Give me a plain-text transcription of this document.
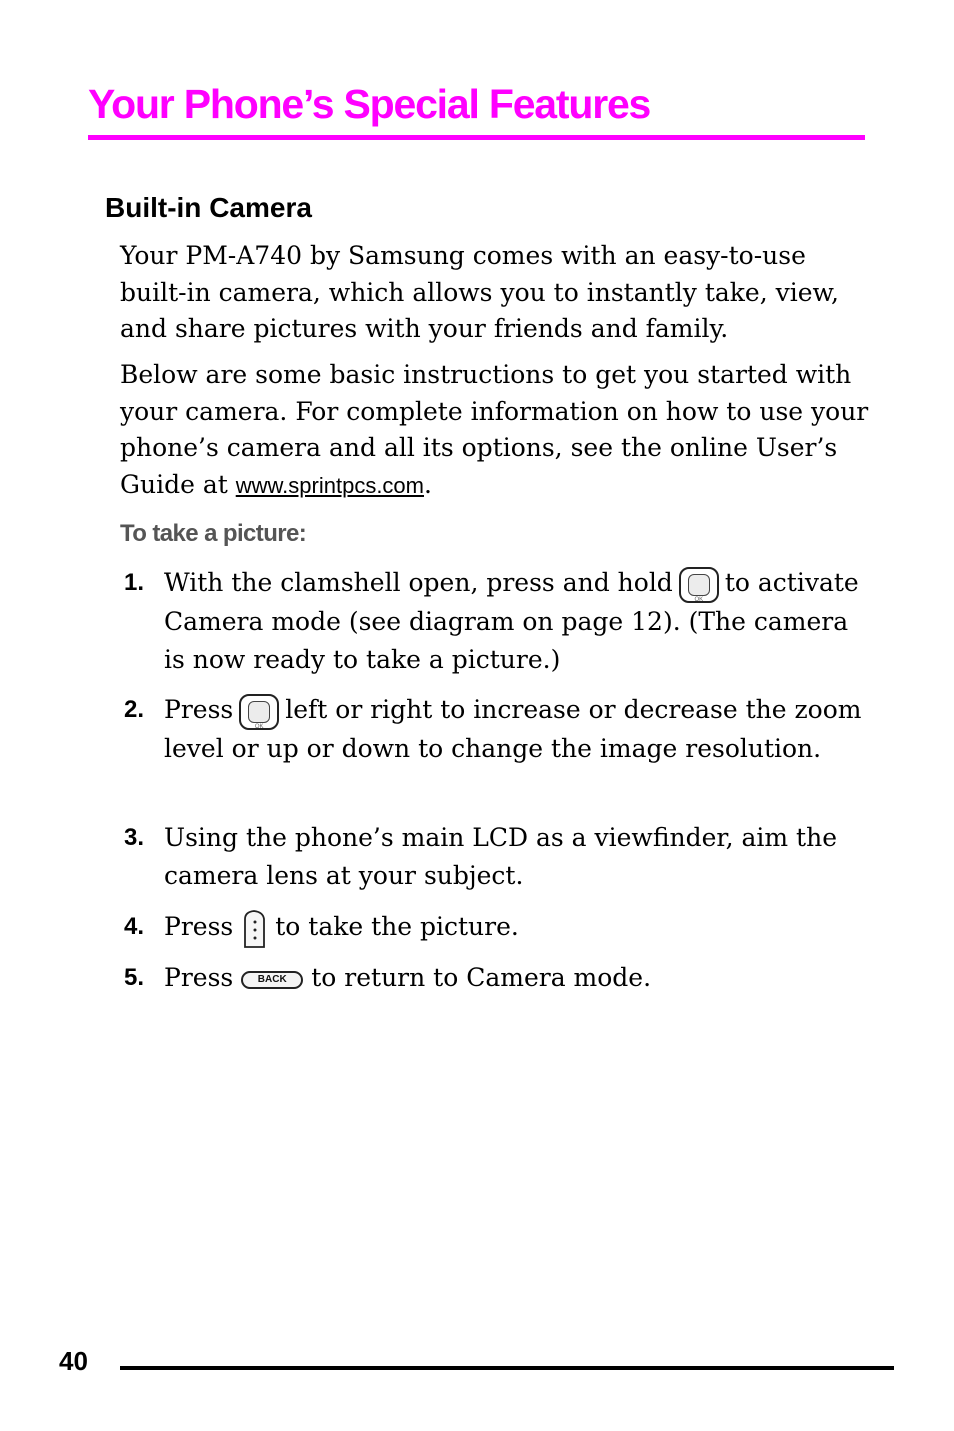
Your Phone’s Special Features
Built-in Camera

Your PM-A740 by Samsung comes with an easy-to-use built-in camera, which allows you to instantly take, view, and share pictures with your friends and family.

Below are some basic instructions to get you started with your camera. For complete information on how to use your phone’s camera and all its options, see the online User’s Guide at www.sprintpcs.com.

To take a picture:
1. With the clamshell open, press and hold
OK
to activate Camera mode (see diagram on page 12). (The camera is now ready to take a picture.)

2. Press
OK
left or right to increase or decrease the zoom level or up or down to change the image resolution.

3. Using the phone’s main LCD as a viewfinder, aim the camera lens at your subject.

4. Press to take the picture.

5. Press	BACK to return to Camera mode.

40
